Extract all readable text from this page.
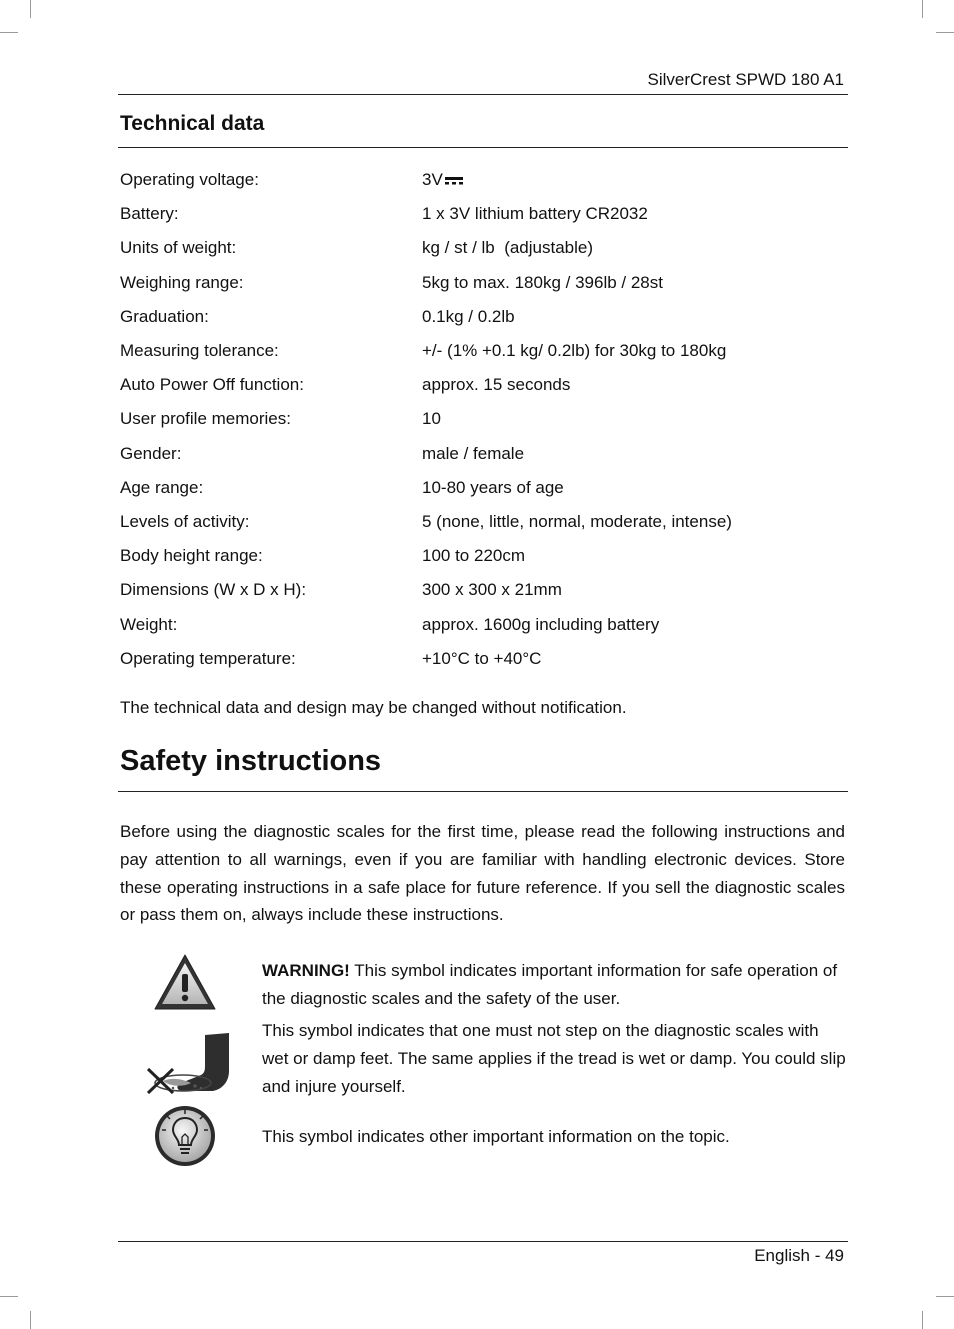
SilverCrest SPWD 180 A1
Technical data
Operating voltage:	3V
Battery:	1 x 3V lithium battery CR2032
Units of weight:	kg / st / lb  (adjustable)
Weighing range:	5kg to max. 180kg / 396lb / 28st
Graduation:	0.1kg / 0.2lb
Measuring tolerance:	+/- (1% +0.1 kg/ 0.2lb) for 30kg to 180kg
Auto Power Off function:	approx. 15 seconds
User profile memories:	10
Gender:	male / female
Age range:	10-80 years of age
Levels of activity:	5 (none, little, normal, moderate, intense)
Body height range:	100 to 220cm
Dimensions (W x D x H):	300 x 300 x 21mm
Weight:	approx. 1600g including battery
Operating temperature:	+10°C to +40°C
The technical data and design may be changed without notification.
Safety instructions

Before using the diagnostic scales for the first time, please read the following instructions and pay attention to all warnings, even if you are familiar with handling electronic devices. Store these operating instructions in a safe place for future reference. If you sell the diagnostic scales or pass them on, always include these instructions.

WARNING! This symbol indicates important information for safe operation of the diagnostic scales and the safety of the user.

This symbol indicates that one must not step on the diagnostic scales with wet or damp feet. The same applies if the tread is wet or damp. You could slip and injure yourself.

This symbol indicates other important information on the topic.

English - 49
